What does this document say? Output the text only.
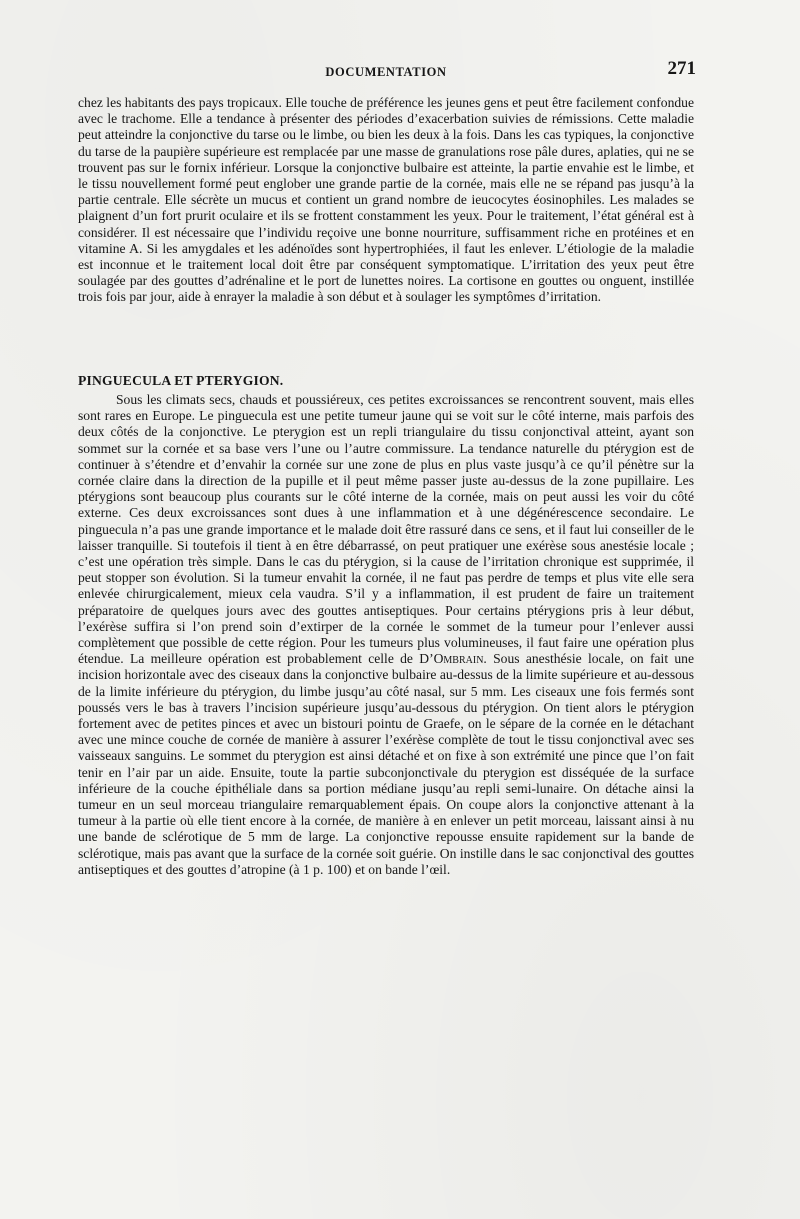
DOCUMENTATION	271

chez les habitants des pays tropicaux. Elle touche de préférence les jeunes gens et peut être facilement confondue avec le trachome. Elle a tendance à présenter des périodes d’exacerbation suivies de rémissions. Cette maladie peut atteindre la conjonctive du tarse ou le limbe, ou bien les deux à la fois. Dans les cas typiques, la conjonctive du tarse de la paupière supérieure est remplacée par une masse de granulations rose pâle dures, aplaties, qui ne se trouvent pas sur le fornix inférieur. Lorsque la conjonctive bulbaire est atteinte, la partie envahie est le limbe, et le tissu nouvellement formé peut englober une grande partie de la cornée, mais elle ne se répand pas jusqu’à la partie centrale. Elle sécrète un mucus et contient un grand nombre de ieucocytes éosinophiles. Les malades se plaignent d’un fort prurit oculaire et ils se frottent constamment les yeux. Pour le traitement, l’état général est à considérer. Il est nécessaire que l’individu reçoive une bonne nourriture, suffisamment riche en protéines et en vitamine A. Si les amygdales et les adénoïdes sont hypertrophiées, il faut les enlever. L’étiologie de la maladie est inconnue et le traitement local doit être par conséquent symptomatique. L’irritation des yeux peut être soulagée par des gouttes d’adrénaline et le port de lunettes noires. La cortisone en gouttes ou onguent, instillée trois fois par jour, aide à enrayer la maladie à son début et à soulager les symptômes d’irritation.

PINGUECULA ET PTERYGION.

Sous les climats secs, chauds et poussiéreux, ces petites excroissances se rencontrent souvent, mais elles sont rares en Europe. Le pinguecula est une petite tumeur jaune qui se voit sur le côté interne, mais parfois des deux côtés de la conjonctive. Le pterygion est un repli triangulaire du tissu conjonctival atteint, ayant son sommet sur la cornée et sa base vers l’une ou l’autre commissure. La tendance naturelle du ptérygion est de continuer à s’étendre et d’envahir la cornée sur une zone de plus en plus vaste jusqu’à ce qu’il pénètre sur la cornée claire dans la direction de la pupille et il peut même passer juste au-dessus de la zone pupillaire. Les ptérygions sont beaucoup plus courants sur le côté interne de la cornée, mais on peut aussi les voir du côté externe. Ces deux excroissances sont dues à une inflammation et à une dégénérescence secondaire. Le pinguecula n’a pas une grande importance et le malade doit être rassuré dans ce sens, et il faut lui conseiller de le laisser tranquille. Si toutefois il tient à en être débarrassé, on peut pratiquer une exérèse sous anestésie locale ; c’est une opération très simple. Dans le cas du ptérygion, si la cause de l’irritation chronique est supprimée, il peut stopper son évolution. Si la tumeur envahit la cornée, il ne faut pas perdre de temps et plus vite elle sera enlevée chirurgicalement, mieux cela vaudra. S’il y a inflammation, il est prudent de faire un traitement préparatoire de quelques jours avec des gouttes antiseptiques. Pour certains ptérygions pris à leur début, l’exérèse suffira si l’on prend soin d’extirper de la cornée le sommet de la tumeur pour l’enlever aussi complètement que possible de cette région. Pour les tumeurs plus volumineuses, il faut faire une opération plus étendue. La meilleure opération est probablement celle de D’Ombrain. Sous anesthésie locale, on fait une incision horizontale avec des ciseaux dans la conjonctive bulbaire au-dessus de la limite supérieure et au-dessous de la limite inférieure du ptérygion, du limbe jusqu’au côté nasal, sur 5 mm. Les ciseaux une fois fermés sont poussés vers le bas à travers l’incision supérieure jusqu’au-dessous du ptérygion. On tient alors le ptérygion fortement avec de petites pinces et avec un bistouri pointu de Graefe, on le sépare de la cornée en le détachant avec une mince couche de cornée de manière à assurer l’exérèse complète de tout le tissu conjonctival avec ses vaisseaux sanguins. Le sommet du pterygion est ainsi détaché et on fixe à son extrémité une pince que l’on fait tenir en l’air par un aide. Ensuite, toute la partie subconjonctivale du pterygion est disséquée de la surface inférieure de la couche épithéliale dans sa portion médiane jusqu’au repli semi-lunaire. On détache ainsi la tumeur en un seul morceau triangulaire remarquablement épais. On coupe alors la conjonctive attenant à la tumeur à la partie où elle tient encore à la cornée, de manière à en enlever un petit morceau, laissant ainsi à nu une bande de sclérotique de 5 mm de large. La conjonctive repousse ensuite rapidement sur la bande de sclérotique, mais pas avant que la surface de la cornée soit guérie. On instille dans le sac conjonctival des gouttes antiseptiques et des gouttes d’atropine (à 1 p. 100) et on bande l’œil.
